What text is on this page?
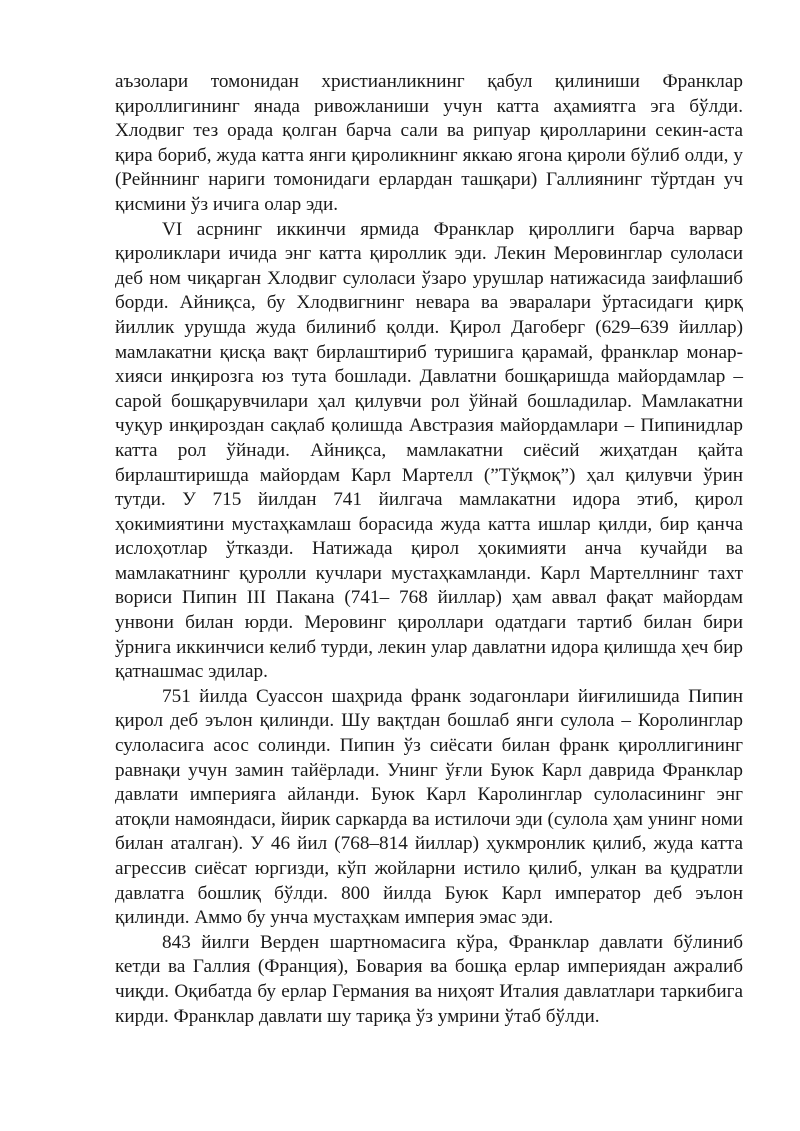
аъзолари томонидан христианликнинг қабул қилиниши Франклар қироллигининг янада ривожланиши учун катта аҳамиятга эга бўлди. Хлодвиг тез орада қолган барча сали ва рипуар қиролларини секин-аста қира бориб, жуда катта янги қироликнинг яккаю ягона қироли бўлиб олди, у (Рейннинг нариги томонидаги ерлардан ташқари) Галлиянинг тўртдан уч қисмини ўз ичига олар эди.

VI асрнинг иккинчи ярмида Франклар қироллиги барча варвар қироликлари ичида энг катта қироллик эди. Лекин Меровинглар сулоласи деб ном чиқарган Хлодвиг сулоласи ўзаро урушлар натижасида заифлашиб борди. Айниқса, бу Хлодвигнинг невара ва эваралари ўртасидаги қирқ йиллик урушда жуда билиниб қолди. Қирол Дагоберг (629–639 йиллар) мамлакатни қисқа вақт бирлаштириб туришига қарамай, франклар монар-хияси инқирозга юз тута бошлади. Давлатни бошқаришда майордамлар – сарой бошқарувчилари ҳал қилувчи рол ўйнай бошладилар. Мамлакатни чуқур инқироздан сақлаб қолишда Австразия майордамлари – Пипинидлар катта рол ўйнади. Айниқса, мамлакатни сиёсий жиҳатдан қайта бирлаштиришда майордам Карл Мартелл (”Тўқмоқ”) ҳал қилувчи ўрин тутди. У 715 йилдан 741 йилгача мамлакатни идора этиб, қирол ҳокимиятини мустаҳкамлаш борасида жуда катта ишлар қилди, бир қанча ислоҳотлар ўтказди. Натижада қирол ҳокимияти анча кучайди ва мамлакатнинг қуролли кучлари мустаҳкамланди. Карл Мартеллнинг тахт вориси Пипин III Пакана (741– 768 йиллар) ҳам аввал фақат майордам унвони билан юрди. Меровинг қироллари одатдаги тартиб билан бири ўрнига иккинчиси келиб турди, лекин улар давлатни идора қилишда ҳеч бир қатнашмас эдилар.

751 йилда Суассон шаҳрида франк зодагонлари йиғилишида Пипин қирол деб эълон қилинди. Шу вақтдан бошлаб янги сулола – Королинглар сулоласига асос солинди. Пипин ўз сиёсати билан франк қироллигининг равнақи учун замин тайёрлади. Унинг ўғли Буюк Карл даврида Франклар давлати империяга айланди. Буюк Карл Каролинглар сулоласининг энг атоқли намояндаси, йирик саркарда ва истилочи эди (сулола ҳам унинг номи билан аталган). У 46 йил (768–814 йиллар) ҳукмронлик қилиб, жуда катта агрессив сиёсат юргизди, кўп жойларни истило қилиб, улкан ва қудратли давлатга бошлиқ бўлди. 800 йилда Буюк Карл император деб эълон қилинди. Аммо бу унча мустаҳкам империя эмас эди.

843 йилги Верден шартномасига кўра, Франклар давлати бўлиниб кетди ва Галлия (Франция), Бовария ва бошқа ерлар империядан ажралиб чиқди. Оқибатда бу ерлар Германия ва ниҳоят Италия давлатлари таркибига кирди. Франклар давлати шу тариқа ўз умрини ўтаб бўлди.
